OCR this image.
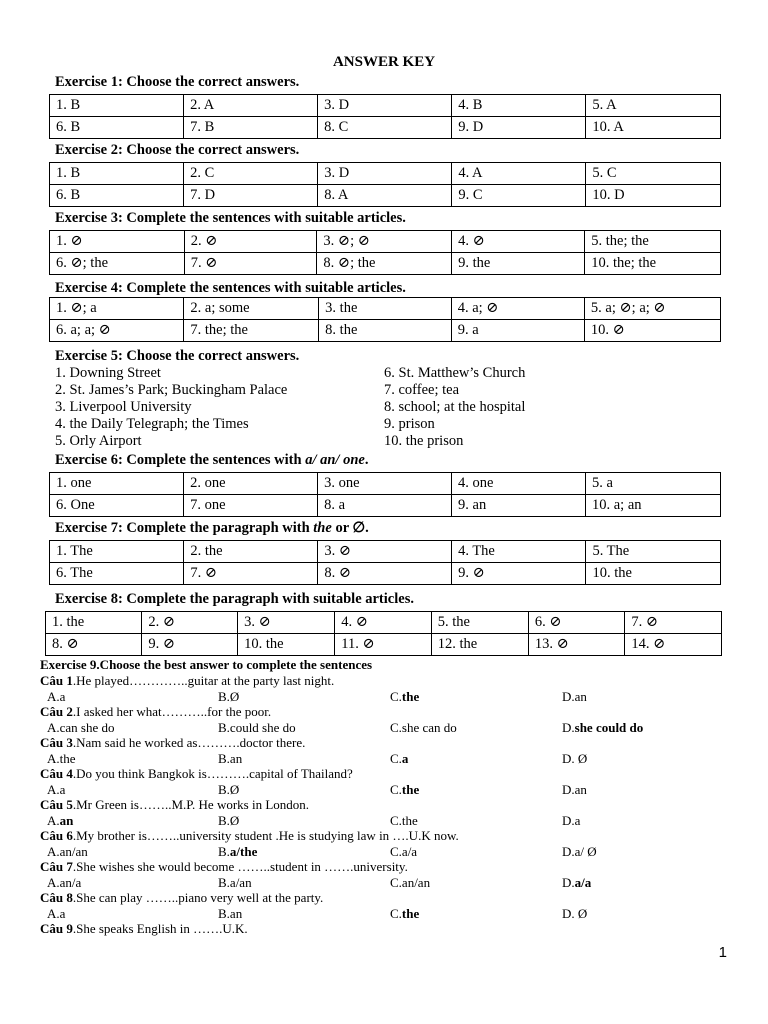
ANSWER KEY
Exercise 1: Choose the correct answers.
1. B	2. A	3. D	4. B	5. A
6. B	7. B	8. C	9. D	10. A
Exercise 2: Choose the correct answers.
1. B	2. C	3. D	4. A	5. C
6. B	7. D	8. A	9. C	10. D
Exercise 3: Complete the sentences with suitable articles.
1. ⊘	2. ⊘	3. ⊘; ⊘	4. ⊘	5. the; the
6. ⊘; the	7. ⊘	8. ⊘; the	9. the	10. the; the
Exercise 4: Complete the sentences with suitable articles.
1. ⊘; a	2. a; some	3. the	4. a; ⊘	5. a; ⊘; a; ⊘
6. a; a; ⊘	7. the; the	8. the	9. a	10. ⊘
Exercise 5: Choose the correct answers.
1. Downing Street
2. St. James’s Park; Buckingham Palace
3. Liverpool University
4. the Daily Telegraph; the Times
5. Orly Airport
6. St. Matthew’s Church
7. coffee; tea
8. school; at the hospital
9. prison
10. the prison
Exercise 6: Complete the sentences with a/ an/ one.
1. one	2. one	3. one	4. one	5. a
6. One	7. one	8. a	9. an	10. a; an
Exercise 7: Complete the paragraph with the or ∅.
1. The	2. the	3. ⊘	4. The	5. The
6. The	7. ⊘	8. ⊘	9. ⊘	10. the
Exercise 8: Complete the paragraph with suitable articles.
1. the	2. ⊘	3. ⊘	4. ⊘	5. the	6. ⊘	7. ⊘
8. ⊘	9. ⊘	10. the	11. ⊘	12. the	13. ⊘	14. ⊘
Exercise 9.Choose the best answer to complete the sentences
Câu 1.He played…………..guitar at the party last night.
A.a	B.Ø	C.the	D.an
Câu 2.I asked her what………..for the poor.
A.can she do	B.could she do	C.she can do	D.she could do
Câu 3.Nam said he worked as……….doctor there.
A.the	B.an	C.a	D. Ø
Câu 4.Do you think Bangkok is……….capital of Thailand?
A.a	B.Ø	C.the	D.an
Câu 5.Mr Green is……..M.P. He works in London.
A.an	B.Ø	C.the	D.a
Câu 6.My brother is……..university student .He is studying law in ….U.K now.
A.an/an	B.a/the	C.a/a	D.a/ Ø
Câu 7.She wishes she would become ……..student in …….university.
A.an/a	B.a/an	C.an/an	D.a/a
Câu 8.She can play ……..piano very well at the party.
A.a	B.an	C.the	D. Ø
Câu 9.She speaks English in …….U.K.
1
